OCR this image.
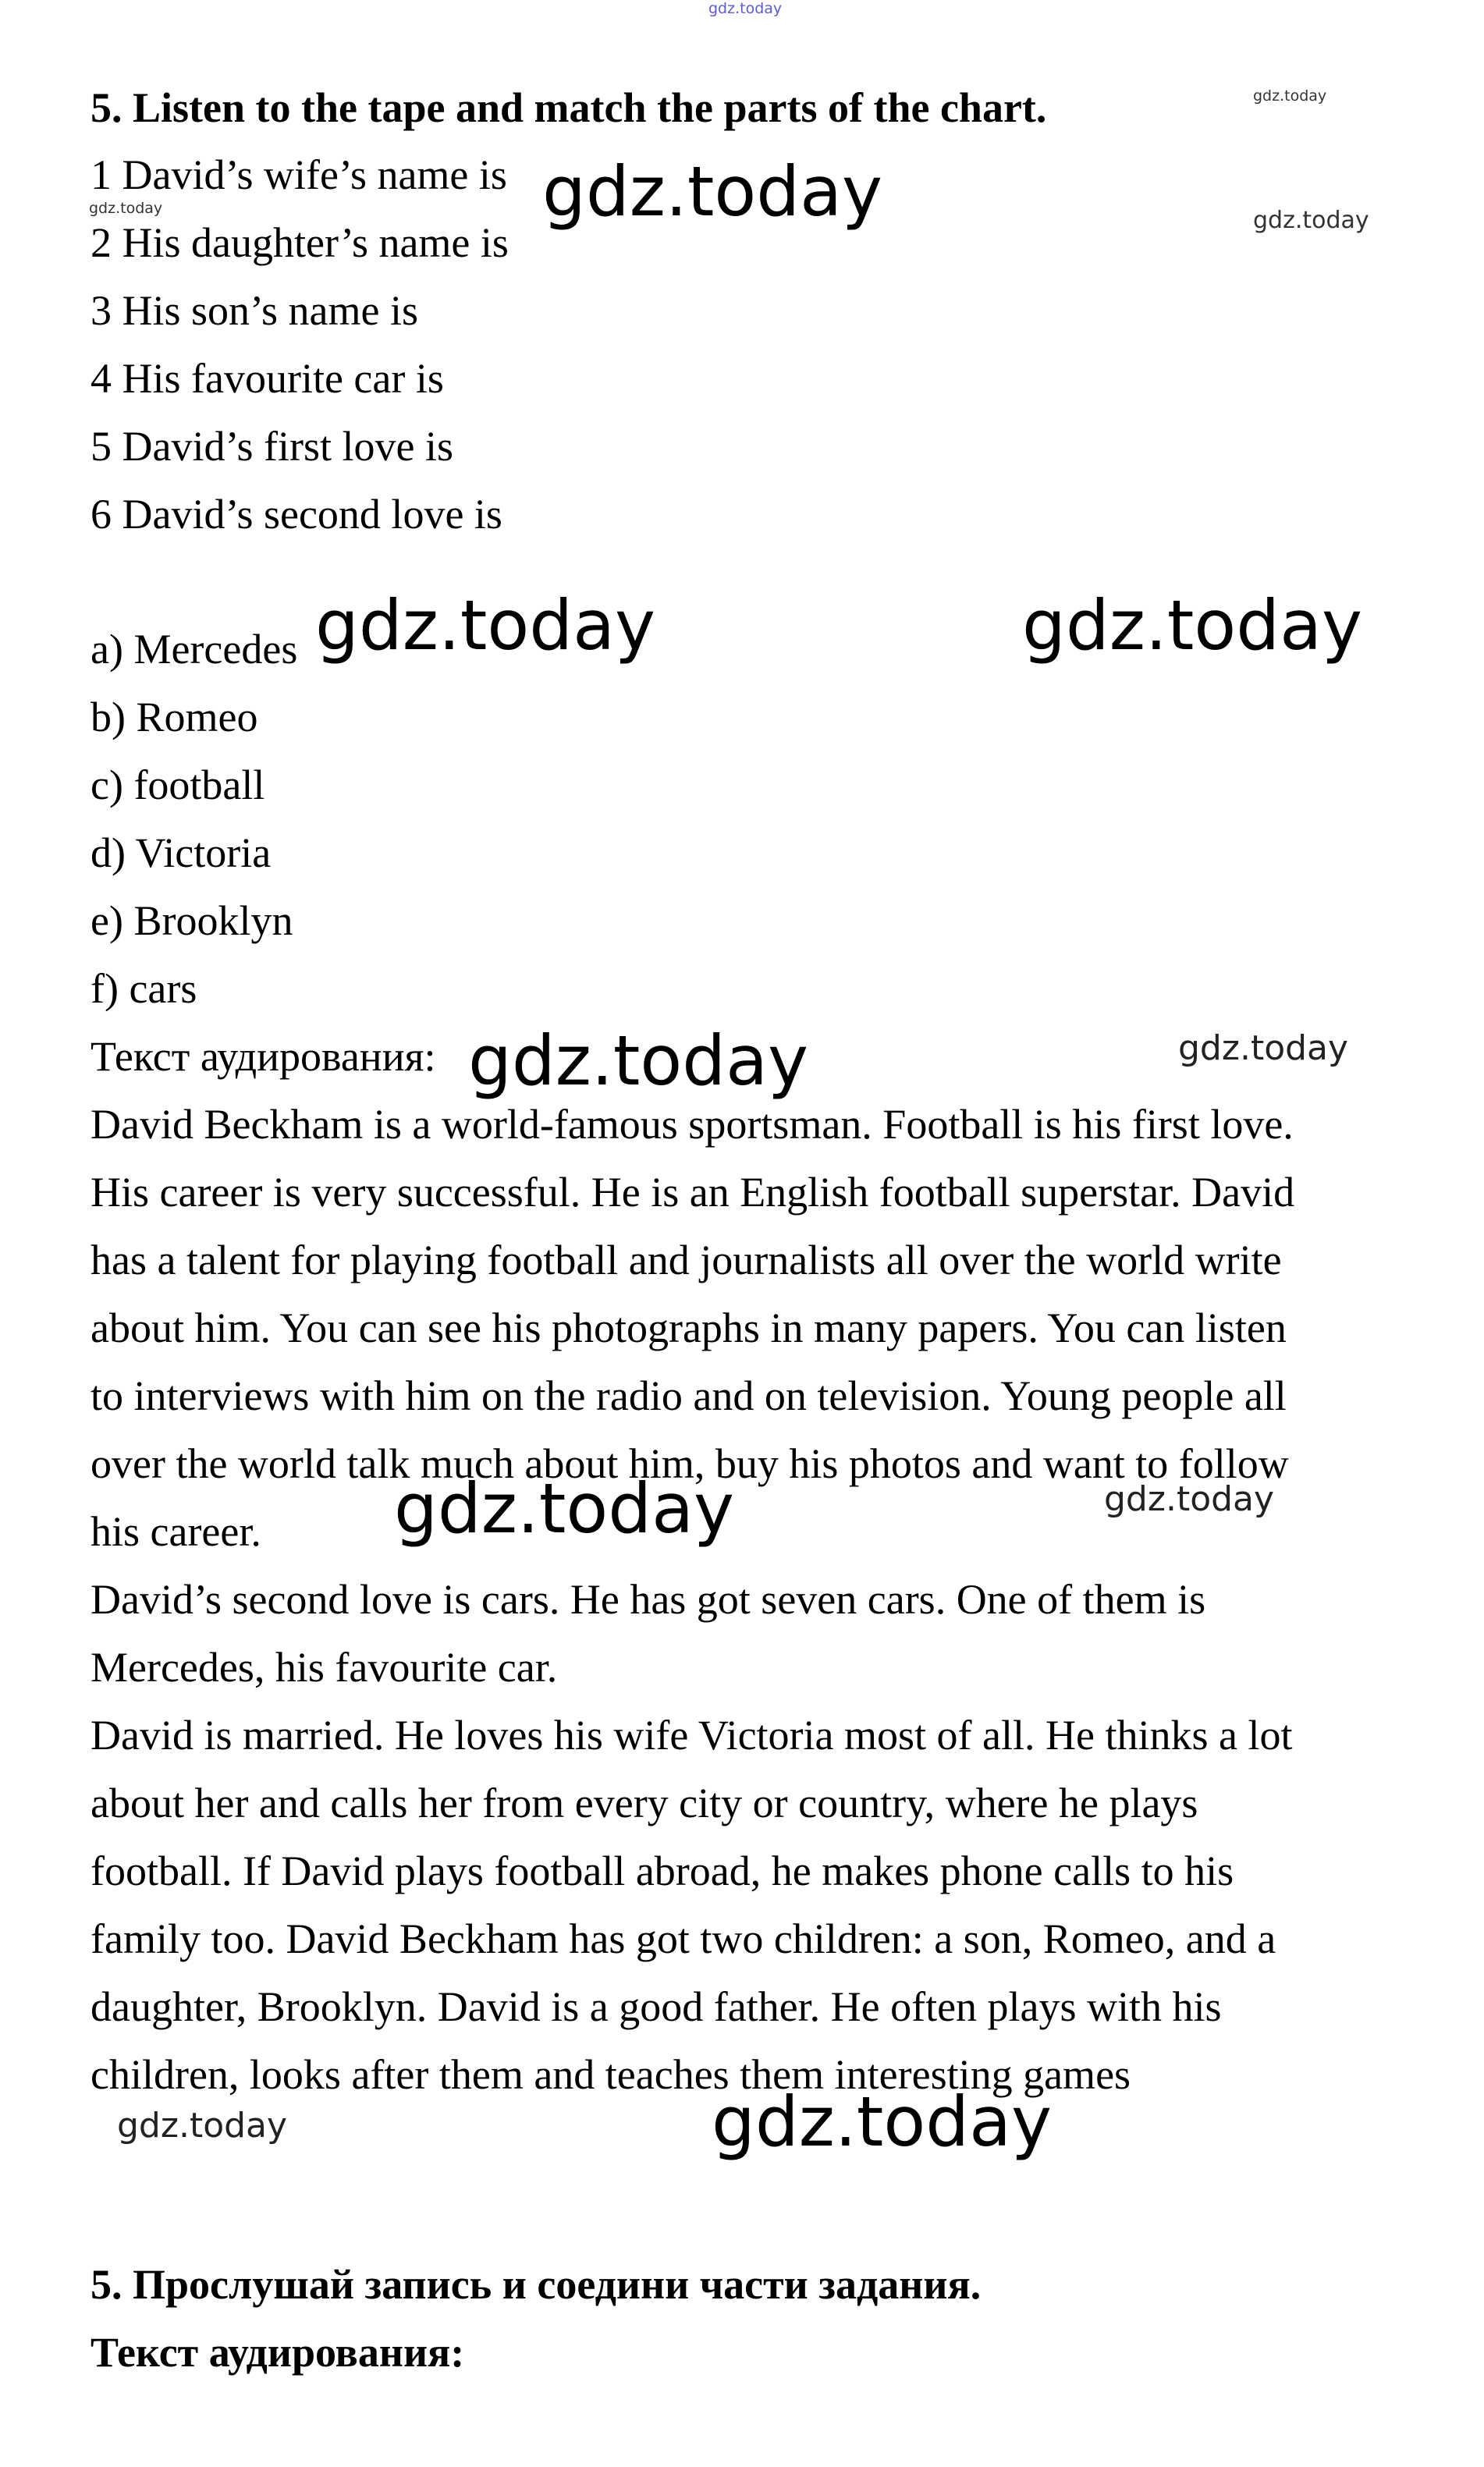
gdz.today
5. Listen to the tape and match the parts of the chart.
1 David’s wife’s name is
2 His daughter’s name is
3 His son’s name is
4 His favourite car is
5 David’s first love is
6 David’s second love is
a) Mercedes
b) Romeo
c) football
d) Victoria
e) Brooklyn
f) cars
Текст аудирования:
David Beckham is a world-famous sportsman. Football is his first love.
His career is very successful. He is an English football superstar. David
has a talent for playing football and journalists all over the world write
about him. You can see his photographs in many papers. You can listen
to interviews with him on the radio and on television. Young people all
over the world talk much about him, buy his photos and want to follow
his career.
David’s second love is cars. He has got seven cars. One of them is
Mercedes, his favourite car.
David is married. He loves his wife Victoria most of all. He thinks a lot
about her and calls her from every city or country, where he plays
football. If David plays football abroad, he makes phone calls to his
family too. David Beckham has got two children: a son, Romeo, and a
daughter, Brooklyn. David is a good father. He often plays with his
children, looks after them and teaches them interesting games
5. Прослушай запись и соедини части задания.
Текст аудирования:
gdz.today
gdz.today
gdz.today	gdz.today
gdz.today	gdz.today
gdz.today	gdz.today
gdz.today	gdz.today
gdz.today	gdz.today
